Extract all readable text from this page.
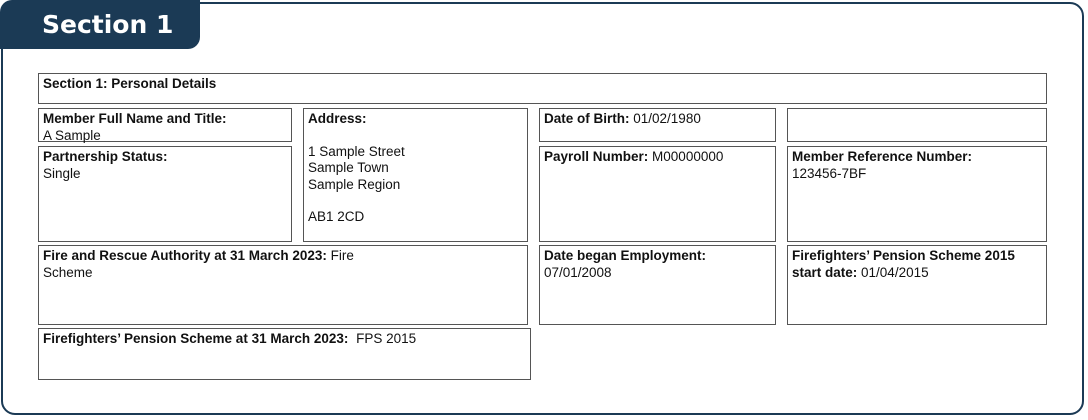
Section 1
Section 1: Personal Details
Member Full Name and Title:
A Sample
Partnership Status:
Single
Address:
1 Sample Street
Sample Town
Sample Region
AB1 2CD
Date of Birth: 01/02/1980
Payroll Number: M00000000	Member Reference Number:
123456-7BF
Fire and Rescue Authority at 31 March 2023: Fire Scheme
Date began Employment:
07/01/2008
Firefighters’ Pension Scheme 2015 start date: 01/04/2015
Firefighters’ Pension Scheme at 31 March 2023: FPS 2015
